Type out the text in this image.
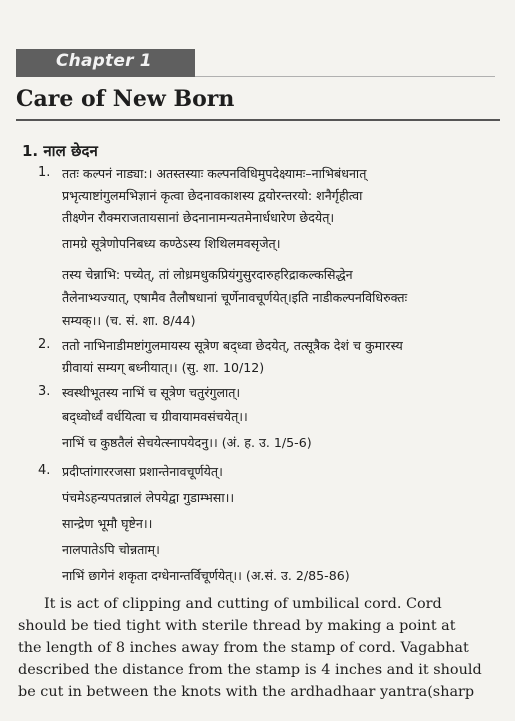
Chapter 1
Care of New Born
1. नाल छेदन
1. ततः कल्पनं नाड्या:। अतस्तस्याः कल्पनविधिमुपदेक्ष्यामः–नाभिबंधनात्
प्रभृत्याष्टांगुलमभिज्ञानं कृत्वा छेदनावकाशस्य द्वयोरन्तरयो: शनैर्गृहीत्वा
तीक्ष्णेन रौक्मराजतायसानां छेदनानामन्यतमेनार्धधारेण छेदयेत्।
तामग्रे सूत्रेणोपनिबध्य कण्ठेऽस्य शिथिलमवसृजेत्।
तस्य चेन्नाभि: पच्येत्, तां लोध्रमधुकप्रियंगुसुरदारुहरिद्राकल्कसिद्धेन
तैलेनाभ्यज्यात्, एषामैव तैलौषधानां चूर्णेनावचूर्णयेत्।इति नाडीकल्पनविधिरुक्तः
सम्यक्।। (च. सं. शा. 8/44)
2. ततो नाभिनाडीमष्टांगुलमायस्य सूत्रेण बद्ध्वा छेदयेत्, तत्सूत्रैक देशं च कुमारस्य
ग्रीवायां सम्यग् बध्नीयात्।। (सु. शा. 10/12)
3. स्वस्थीभूतस्य नाभिं च सूत्रेण चतुरंगुलात्।
बद्ध्वोर्ध्वं वर्धयित्वा च ग्रीवायामवसंचयेत्।।
नाभिं च कुष्ठतैलं सेचयेत्स्नापयेदनु।। (अं. ह. उ. 1/5-6)
4. प्रदीप्तांगाररजसा प्रशान्तेनावचूर्णयेत्।
पंचमेऽहन्यपतन्नालं लेपयेद्वा गुडाम्भसा।।
सान्द्रेण भूमौ घृष्टेन।।
नालपातेऽपि चोन्नताम्।
नाभिं छागेनं शकृता दग्धेनान्तर्विचूर्णयेत्।। (अ.सं. उ. 2/85-86)
It is act of clipping and cutting of umbilical cord. Cord
should be tied tight with sterile thread by making a point at
the length of 8 inches away from the stamp of cord. Vagabhat
described the distance from the stamp is 4 inches and it should
be cut in between the knots with the ardhadhaar yantra(sharp
